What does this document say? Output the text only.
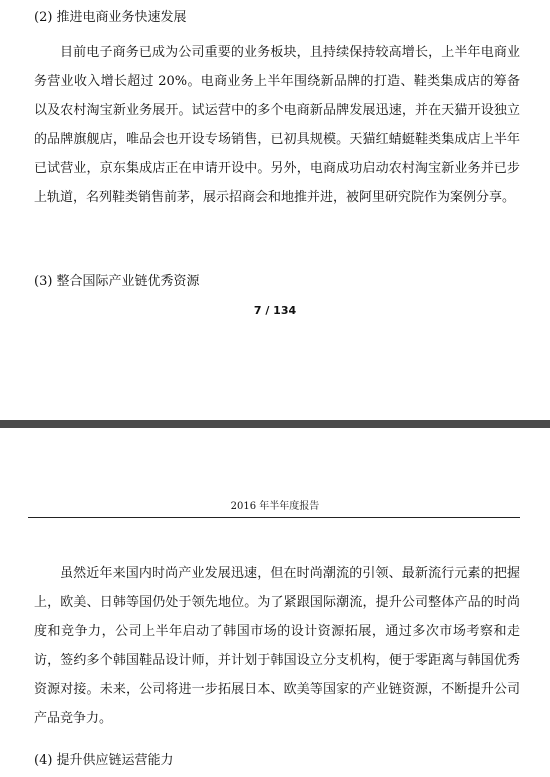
(2) 推进电商业务快速发展
目前电子商务已成为公司重要的业务板块，且持续保持较高增长，上半年电商业务营业收入增长超过 20%。电商业务上半年围绕新品牌的打造、鞋类集成店的筹备以及农村淘宝新业务展开。试运营中的多个电商新品牌发展迅速，并在天猫开设独立的品牌旗舰店，唯品会也开设专场销售，已初具规模。天猫红蜻蜓鞋类集成店上半年已试营业，京东集成店正在申请开设中。另外，电商成功启动农村淘宝新业务并已步上轨道，名列鞋类销售前茅，展示招商会和地推并进，被阿里研究院作为案例分享。
(3) 整合国际产业链优秀资源
7 / 134
2016 年半年度报告
虽然近年来国内时尚产业发展迅速，但在时尚潮流的引领、最新流行元素的把握上，欧美、日韩等国仍处于领先地位。为了紧跟国际潮流，提升公司整体产品的时尚度和竞争力，公司上半年启动了韩国市场的设计资源拓展，通过多次市场考察和走访，签约多个韩国鞋品设计师，并计划于韩国设立分支机构，便于零距离与韩国优秀资源对接。未来，公司将进一步拓展日本、欧美等国家的产业链资源，不断提升公司产品竞争力。
(4) 提升供应链运营能力
